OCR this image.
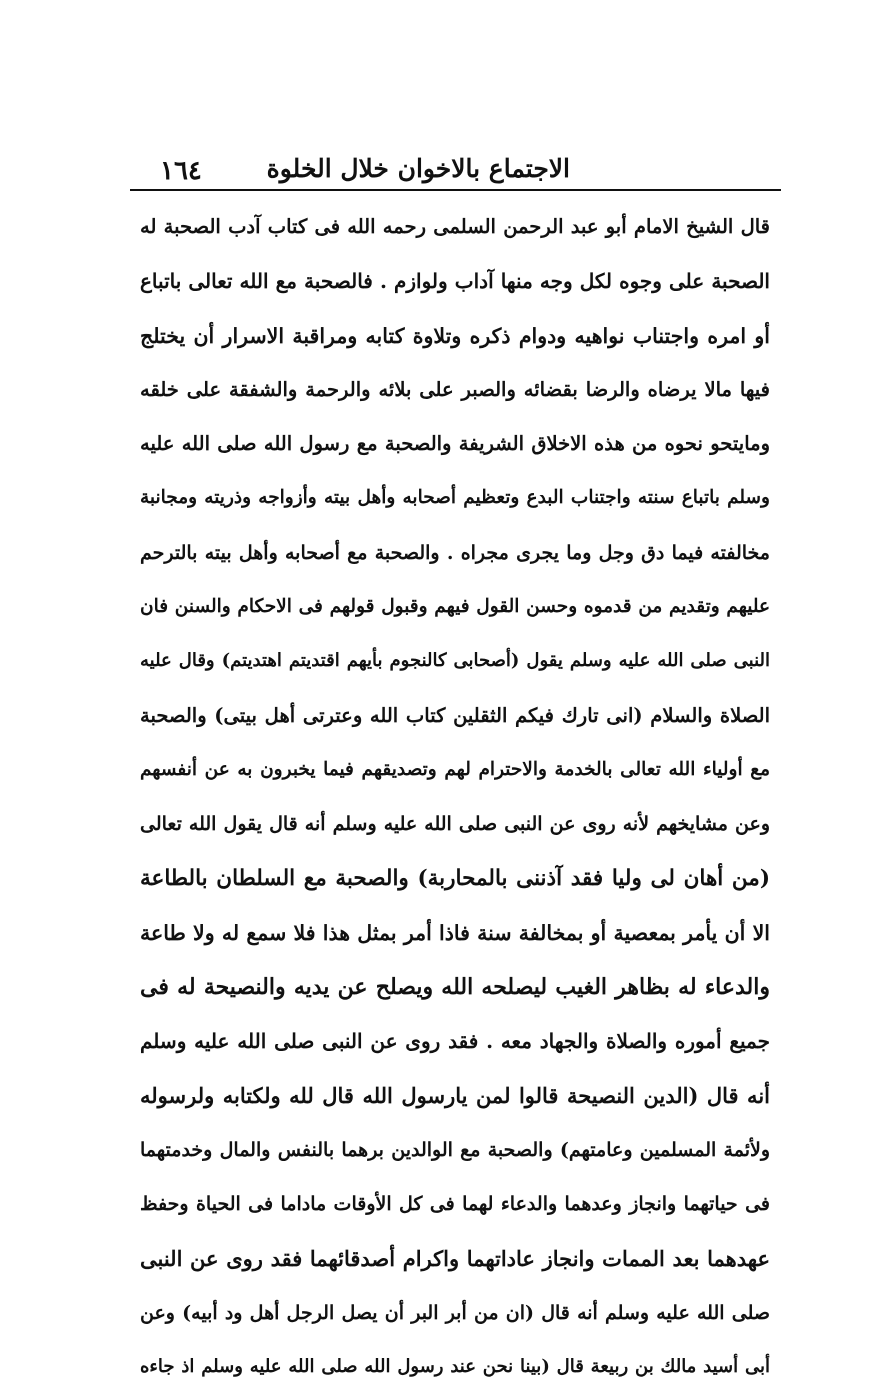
١٦٤	الاجتماع بالاخوان خلال الخلوة
قال الشيخ الامام أبو عبد الرحمن السلمى رحمه الله فى كتاب آدب الصحبة له
الصحبة على وجوه لكل وجه منها آداب ولوازم . فالصحبة مع الله تعالى باتباع
أو امره واجتناب نواهيه ودوام ذكره وتلاوة كتابه ومراقبة الاسرار أن يختلج
فيها مالا يرضاه والرضا بقضائه والصبر على بلائه والرحمة والشفقة على خلقه
ومايتحو نحوه من هذه الاخلاق الشريفة والصحبة مع رسول الله صلى الله عليه
وسلم باتباع سنته واجتناب البدع وتعظيم أصحابه وأهل بيته وأزواجه وذريته ومجانبة
مخالفته فيما دق وجل وما يجرى مجراه . والصحبة مع أصحابه وأهل بيته بالترحم
عليهم وتقديم من قدموه وحسن القول فيهم وقبول قولهم فى الاحكام والسنن فان
النبى صلى الله عليه وسلم يقول (أصحابى كالنجوم بأيهم اقتديتم اهتديتم) وقال عليه
الصلاة والسلام (انى تارك فيكم الثقلين كتاب الله وعترتى أهل بيتى) والصحبة
مع أولياء الله تعالى بالخدمة والاحترام لهم وتصديقهم فيما يخبرون به عن أنفسهم
وعن مشايخهم لأنه روى عن النبى صلى الله عليه وسلم أنه قال يقول الله تعالى
(من أهان لى وليا فقد آذننى بالمحاربة) والصحبة مع السلطان بالطاعة
الا أن يأمر بمعصية أو بمخالفة سنة فاذا أمر بمثل هذا فلا سمع له ولا طاعة
والدعاء له بظاهر الغيب ليصلحه الله ويصلح عن يديه والنصيحة له فى
جميع أموره والصلاة والجهاد معه . فقد روى عن النبى صلى الله عليه وسلم
أنه قال (الدين النصيحة قالوا لمن يارسول الله قال لله ولكتابه ولرسوله
ولأئمة المسلمين وعامتهم) والصحبة مع الوالدين برهما بالنفس والمال وخدمتهما
فى حياتهما وانجاز وعدهما والدعاء لهما فى كل الأوقات ماداما فى الحياة وحفظ
عهدهما بعد الممات وانجاز عاداتهما واكرام أصدقائهما فقد روى عن النبى
صلى الله عليه وسلم أنه قال (ان من أبر البر أن يصل الرجل أهل ود أبيه) وعن
أبى أسيد مالك بن ربيعة قال (بينا نحن عند رسول الله صلى الله عليه وسلم اذ جاءه
